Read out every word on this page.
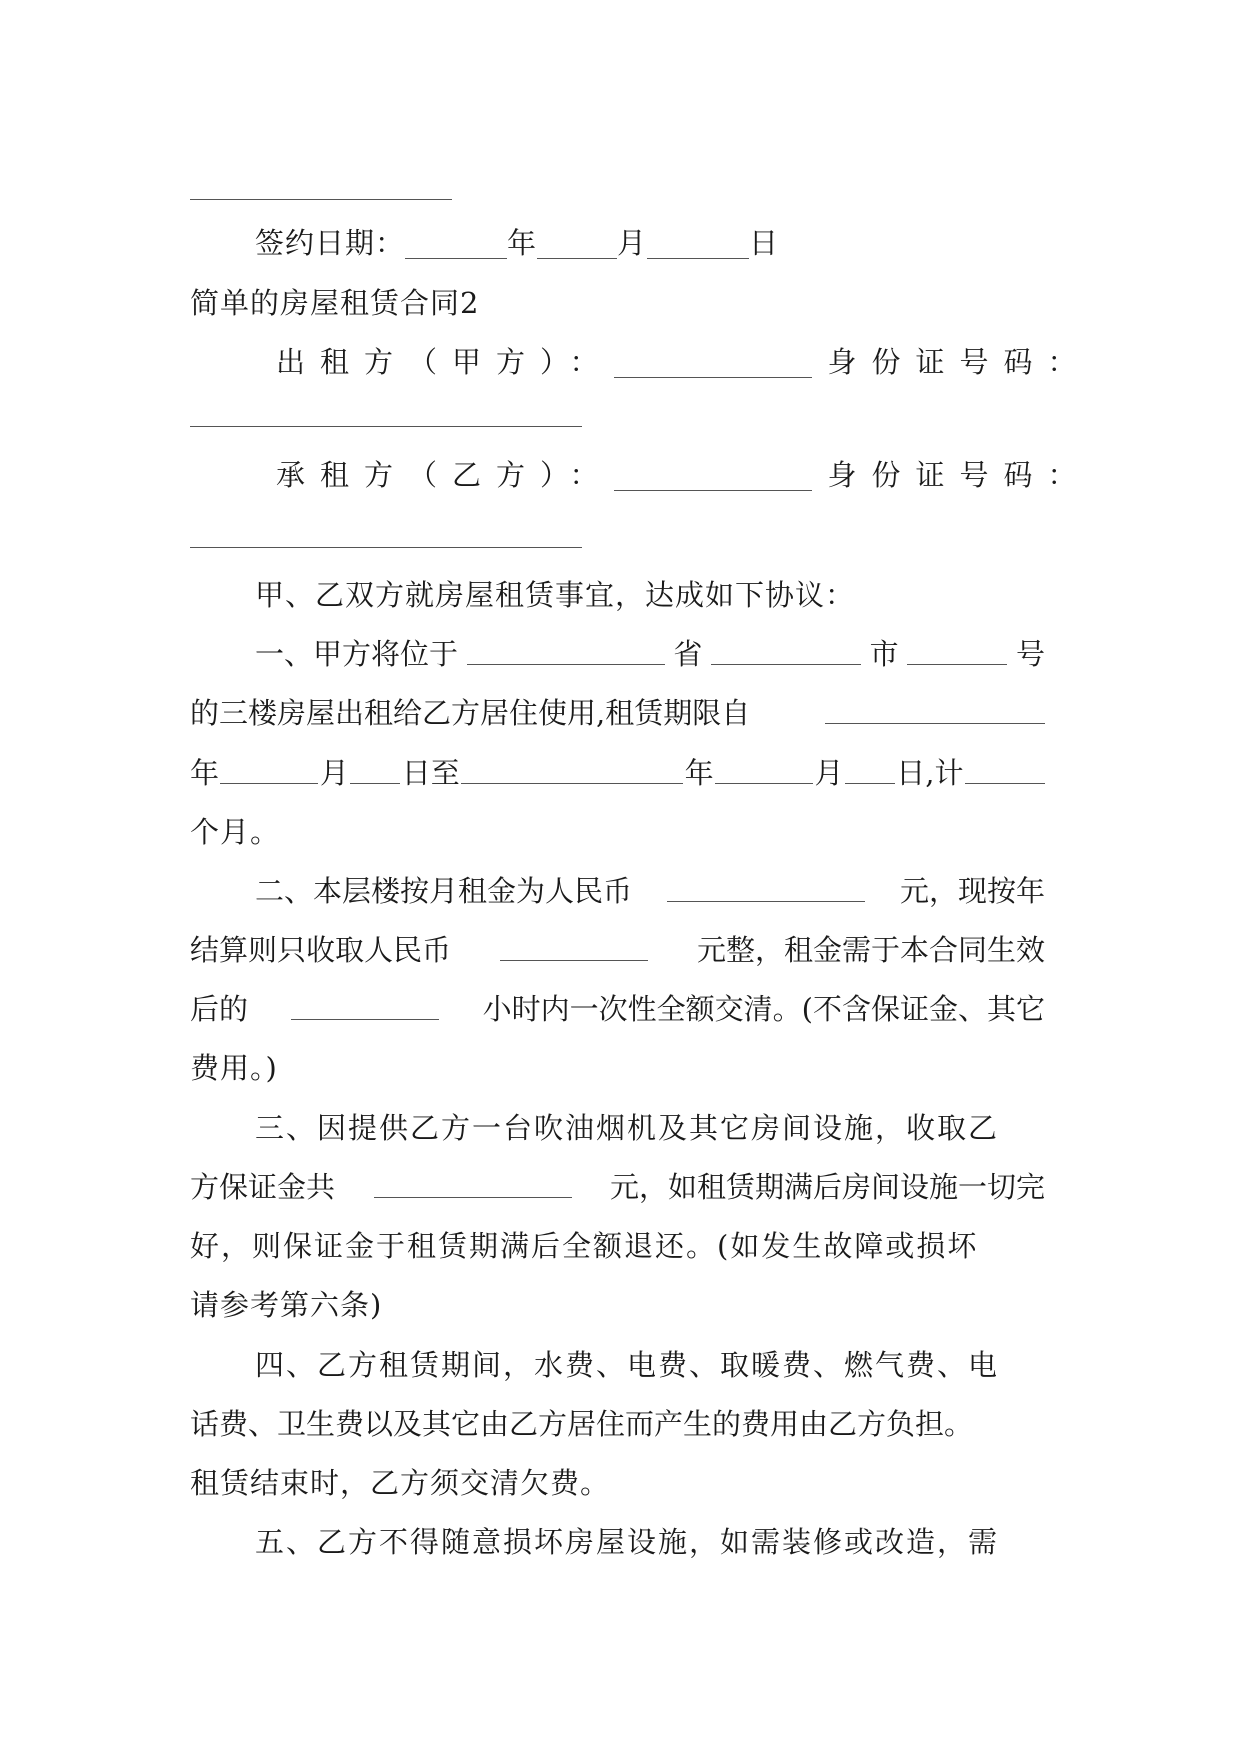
签约日期：	年	月	日
简单的房屋租赁合同2
出租方（甲方）：	身份证号码：
承租方（乙方）：	身份证号码：
甲、乙双方就房屋租赁事宜，达成如下协议：
一、甲方将位于	省	市	号
的三楼房屋出租给乙方居住使用,租赁期限自
年	月 日至	年	月 日,计
个月。
二、本层楼按月租金为人民币	元，现按年
结算则只收取人民币	元整，租金需于本合同生效
后的	小时内一次性全额交清。(不含保证金、其它
费用。)
三、因提供乙方一台吹油烟机及其它房间设施，收取乙
方保证金共	元，如租赁期满后房间设施一切完
好，则保证金于租赁期满后全额退还。(如发生故障或损坏
请参考第六条)
四、乙方租赁期间，水费、电费、取暖费、燃气费、电
话费、卫生费以及其它由乙方居住而产生的费用由乙方负担。
租赁结束时，乙方须交清欠费。
五、乙方不得随意损坏房屋设施，如需装修或改造，需
